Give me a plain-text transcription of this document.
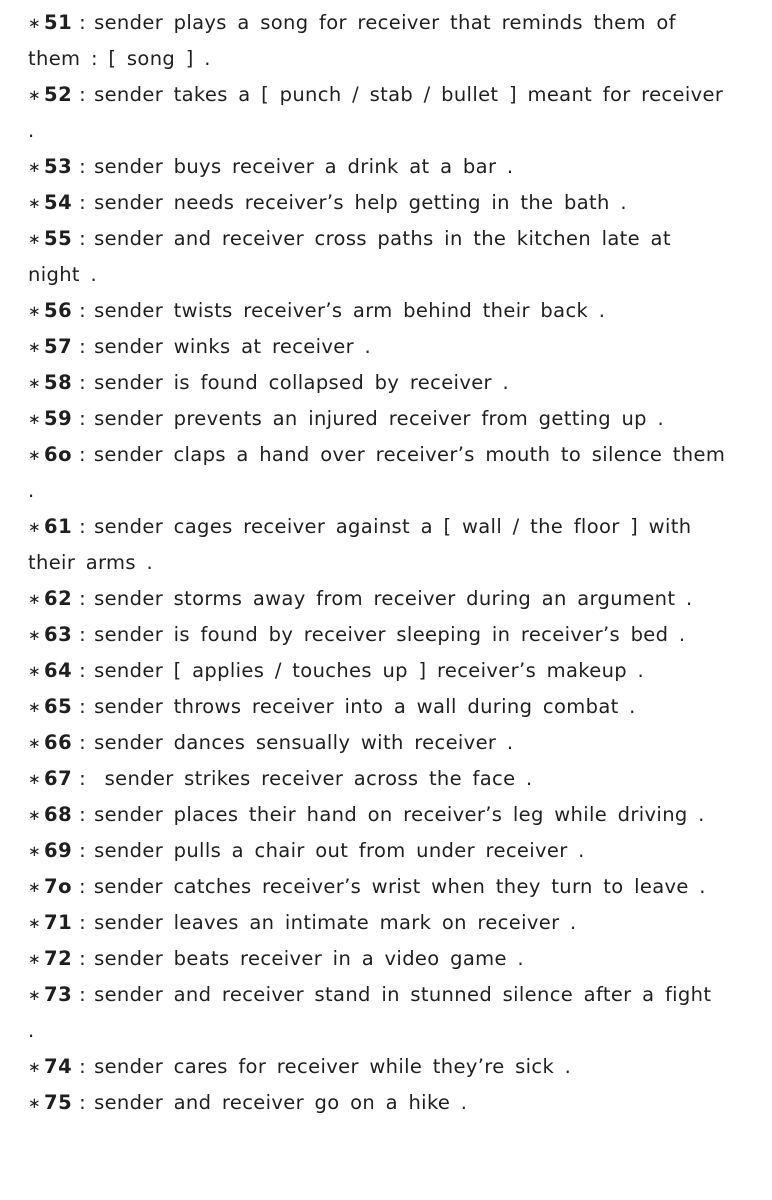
∗ 51 : sender plays a song for receiver that reminds them of them : [ song ] .
∗ 52 : sender takes a [ punch / stab / bullet ] meant for receiver .
∗ 53 : sender buys receiver a drink at a bar .
∗ 54 : sender needs receiver’s help getting in the bath .
∗ 55 : sender and receiver cross paths in the kitchen late at night .
∗ 56 : sender twists receiver’s arm behind their back .
∗ 57 : sender winks at receiver .
∗ 58 : sender is found collapsed by receiver .
∗ 59 : sender prevents an injured receiver from getting up .
∗ 6o : sender claps a hand over receiver’s mouth to silence them .
∗ 61 : sender cages receiver against a [ wall / the floor ] with their arms .
∗ 62 : sender storms away from receiver during an argument .
∗ 63 : sender is found by receiver sleeping in receiver’s bed .
∗ 64 : sender [ applies / touches up ] receiver’s makeup .
∗ 65 : sender throws receiver into a wall during combat .
∗ 66 : sender dances sensually with receiver .
∗ 67 : sender strikes receiver across the face .
∗ 68 : sender places their hand on receiver’s leg while driving .
∗ 69 : sender pulls a chair out from under receiver .
∗ 7o : sender catches receiver’s wrist when they turn to leave .
∗ 71 : sender leaves an intimate mark on receiver .
∗ 72 : sender beats receiver in a video game .
∗ 73 : sender and receiver stand in stunned silence after a fight .
∗ 74 : sender cares for receiver while they’re sick .
∗ 75 : sender and receiver go on a hike .
